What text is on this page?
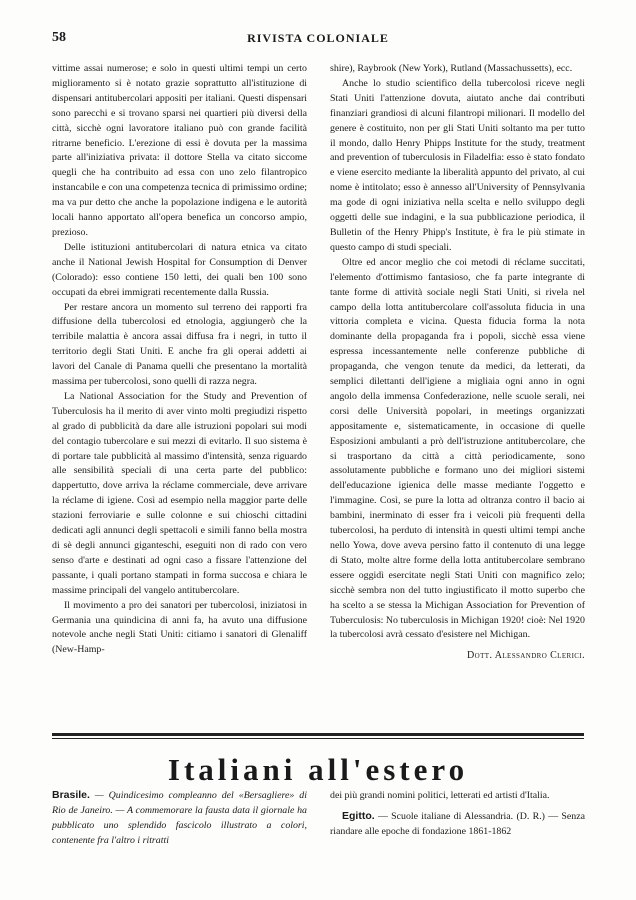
58	RIVISTA COLONIALE

vittime assai numerose; e solo in questi ultimi tempi un certo miglioramento si è notato grazie soprattutto all'istituzione di dispensari antitubercolari appositi per italiani. Questi dispensari sono parecchi e si trovano sparsi nei quartieri più diversi della città, sicchè ogni lavoratore italiano può con grande facilità ritrarne beneficio. L'erezione di essi è dovuta per la massima parte all'iniziativa privata: il dottore Stella va citato siccome quegli che ha contribuito ad essa con uno zelo filantropico instancabile e con una competenza tecnica di primissimo ordine; ma va pur detto che anche la popolazione indigena e le autorità locali hanno apportato all'opera benefica un concorso ampio, prezioso.

Delle istituzioni antitubercolari di natura etnica va citato anche il National Jewish Hospital for Consumption di Denver (Colorado): esso contiene 150 letti, dei quali ben 100 sono occupati da ebrei immigrati recentemente dalla Russia.

Per restare ancora un momento sul terreno dei rapporti fra diffusione della tubercolosi ed etnologia, aggiungerò che la terribile malattia è ancora assai diffusa fra i negri, in tutto il territorio degli Stati Uniti. E anche fra gli operai addetti ai lavori del Canale di Panama quelli che presentano la mortalità massima per tubercolosi, sono quelli di razza negra.

La National Association for the Study and Prevention of Tuberculosis ha il merito di aver vinto molti pregiudizi rispetto al grado di pubblicità da dare alle istruzioni popolari sui modi del contagio tubercolare e sui mezzi di evitarlo. Il suo sistema è di portare tale pubblicità al massimo d'intensità, senza riguardo alle sensibilità speciali di una certa parte del pubblico: dappertutto, dove arriva la réclame commerciale, deve arrivare la réclame di igiene. Così ad esempio nella maggior parte delle stazioni ferroviarie e sulle colonne e sui chioschi cittadini dedicati agli annunci degli spettacoli e simili fanno bella mostra di sè degli annunci giganteschi, eseguiti non di rado con vero senso d'arte e destinati ad ogni caso a fissare l'attenzione del passante, i quali portano stampati in forma succosa e chiara le massime principali del vangelo antitubercolare.

Il movimento a pro dei sanatori per tubercolosi, iniziatosi in Germania una quindicina di anni fa, ha avuto una diffusione notevole anche negli Stati Uniti: citiamo i sanatori di Glenaliff (New-Hamp-

shire), Raybrook (New York), Rutland (Massachussetts), ecc.

Anche lo studio scientifico della tubercolosi riceve negli Stati Uniti l'attenzione dovuta, aiutato anche dai contributi finanziari grandiosi di alcuni filantropi milionari. Il modello del genere è costituito, non per gli Stati Uniti soltanto ma per tutto il mondo, dallo Henry Phipps Institute for the study, treatment and prevention of tuberculosis in Filadelfia: esso è stato fondato e viene esercito mediante la liberalità appunto del privato, al cui nome è intitolato; esso è annesso all'University of Pennsylvania ma gode di ogni iniziativa nella scelta e nello sviluppo degli oggetti delle sue indagini, e la sua pubblicazione periodica, il Bulletin of the Henry Phipp's Institute, è fra le più stimate in questo campo di studi speciali.

Oltre ed ancor meglio che coi metodi di réclame succitati, l'elemento d'ottimismo fantasioso, che fa parte integrante di tante forme di attività sociale negli Stati Uniti, si rivela nel campo della lotta antitubercolare coll'assoluta fiducia in una vittoria completa e vicina. Questa fiducia forma la nota dominante della propaganda fra i popoli, sicchè essa viene espressa incessantemente nelle conferenze pubbliche di propaganda, che vengon tenute da medici, da letterati, da semplici dilettanti dell'igiene a migliaia ogni anno in ogni angolo della immensa Confederazione, nelle scuole serali, nei corsi delle Università popolari, in meetings organizzati appositamente e, sistematicamente, in occasione di quelle Esposizioni ambulanti a prò dell'istruzione antitubercolare, che si trasportano da città a città periodicamente, sono assolutamente pubbliche e formano uno dei migliori sistemi dell'educazione igienica delle masse mediante l'oggetto e l'immagine. Così, se pure la lotta ad oltranza contro il bacio ai bambini, inerminato di esser fra i veicoli più frequenti della tubercolosi, ha perduto di intensità in questi ultimi tempi anche nello Yowa, dove aveva persino fatto il contenuto di una legge di Stato, molte altre forme della lotta antitubercolare sembrano essere oggidì esercitate negli Stati Uniti con magnifico zelo; sicchè sembra non del tutto ingiustificato il motto superbo che ha scelto a se stessa la Michigan Association for Prevention of Tuberculosis: No tuberculosis in Michigan 1920! cioè: Nel 1920 la tubercolosi avrà cessato d'esistere nel Michigan.

Dott. Alessandro Clerici.
Italiani all'estero

Brasile. — Quindicesimo compleanno del «Bersagliere» di Rio de Janeiro. — A commemorare la fausta data il giornale ha pubblicato uno splendido fascicolo illustrato a colori, contenente fra l'altro i ritratti

dei più grandi nomini politici, letterati ed artisti d'Italia.

Egitto. — Scuole italiane di Alessandria. (D. R.) — Senza riandare alle epoche di fondazione 1861-1862
